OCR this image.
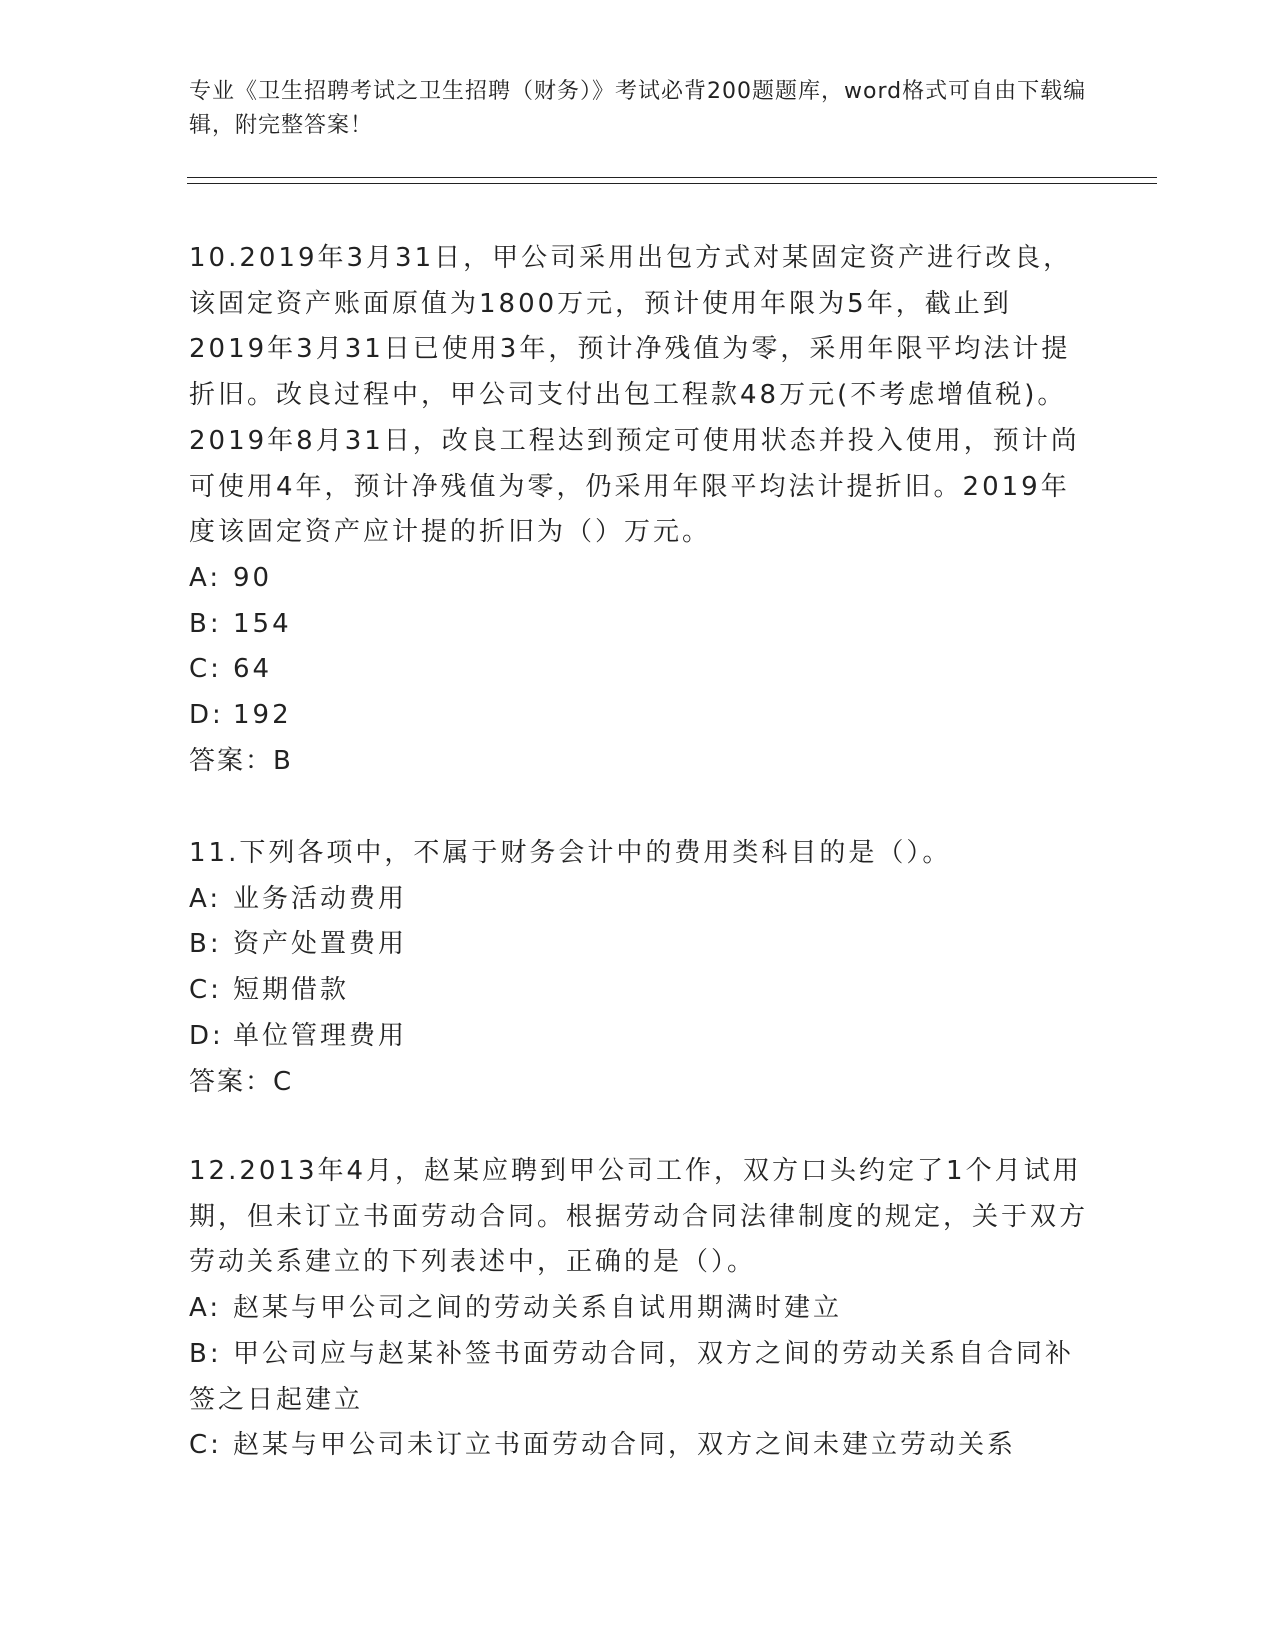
专业《卫生招聘考试之卫生招聘（财务）》考试必背200题题库，word格式可自由下载编辑，附完整答案！

10.2019年3月31日，甲公司采用出包方式对某固定资产进行改良，该固定资产账面原值为1800万元，预计使用年限为5年，截止到2019年3月31日已使用3年，预计净残值为零，采用年限平均法计提折旧。改良过程中，甲公司支付出包工程款48万元(不考虑增值税)。2019年8月31日，改良工程达到预定可使用状态并投入使用，预计尚可使用4年，预计净残值为零，仍采用年限平均法计提折旧。2019年度该固定资产应计提的折旧为（）万元。

A: 90

B: 154

C: 64

D: 192

答案：B

11.下列各项中，不属于财务会计中的费用类科目的是（）。

A: 业务活动费用

B: 资产处置费用

C: 短期借款

D: 单位管理费用

答案：C

12.2013年4月，赵某应聘到甲公司工作，双方口头约定了1个月试用期，但未订立书面劳动合同。根据劳动合同法律制度的规定，关于双方劳动关系建立的下列表述中，正确的是（）。

A: 赵某与甲公司之间的劳动关系自试用期满时建立

B: 甲公司应与赵某补签书面劳动合同，双方之间的劳动关系自合同补签之日起建立

C: 赵某与甲公司未订立书面劳动合同，双方之间未建立劳动关系
